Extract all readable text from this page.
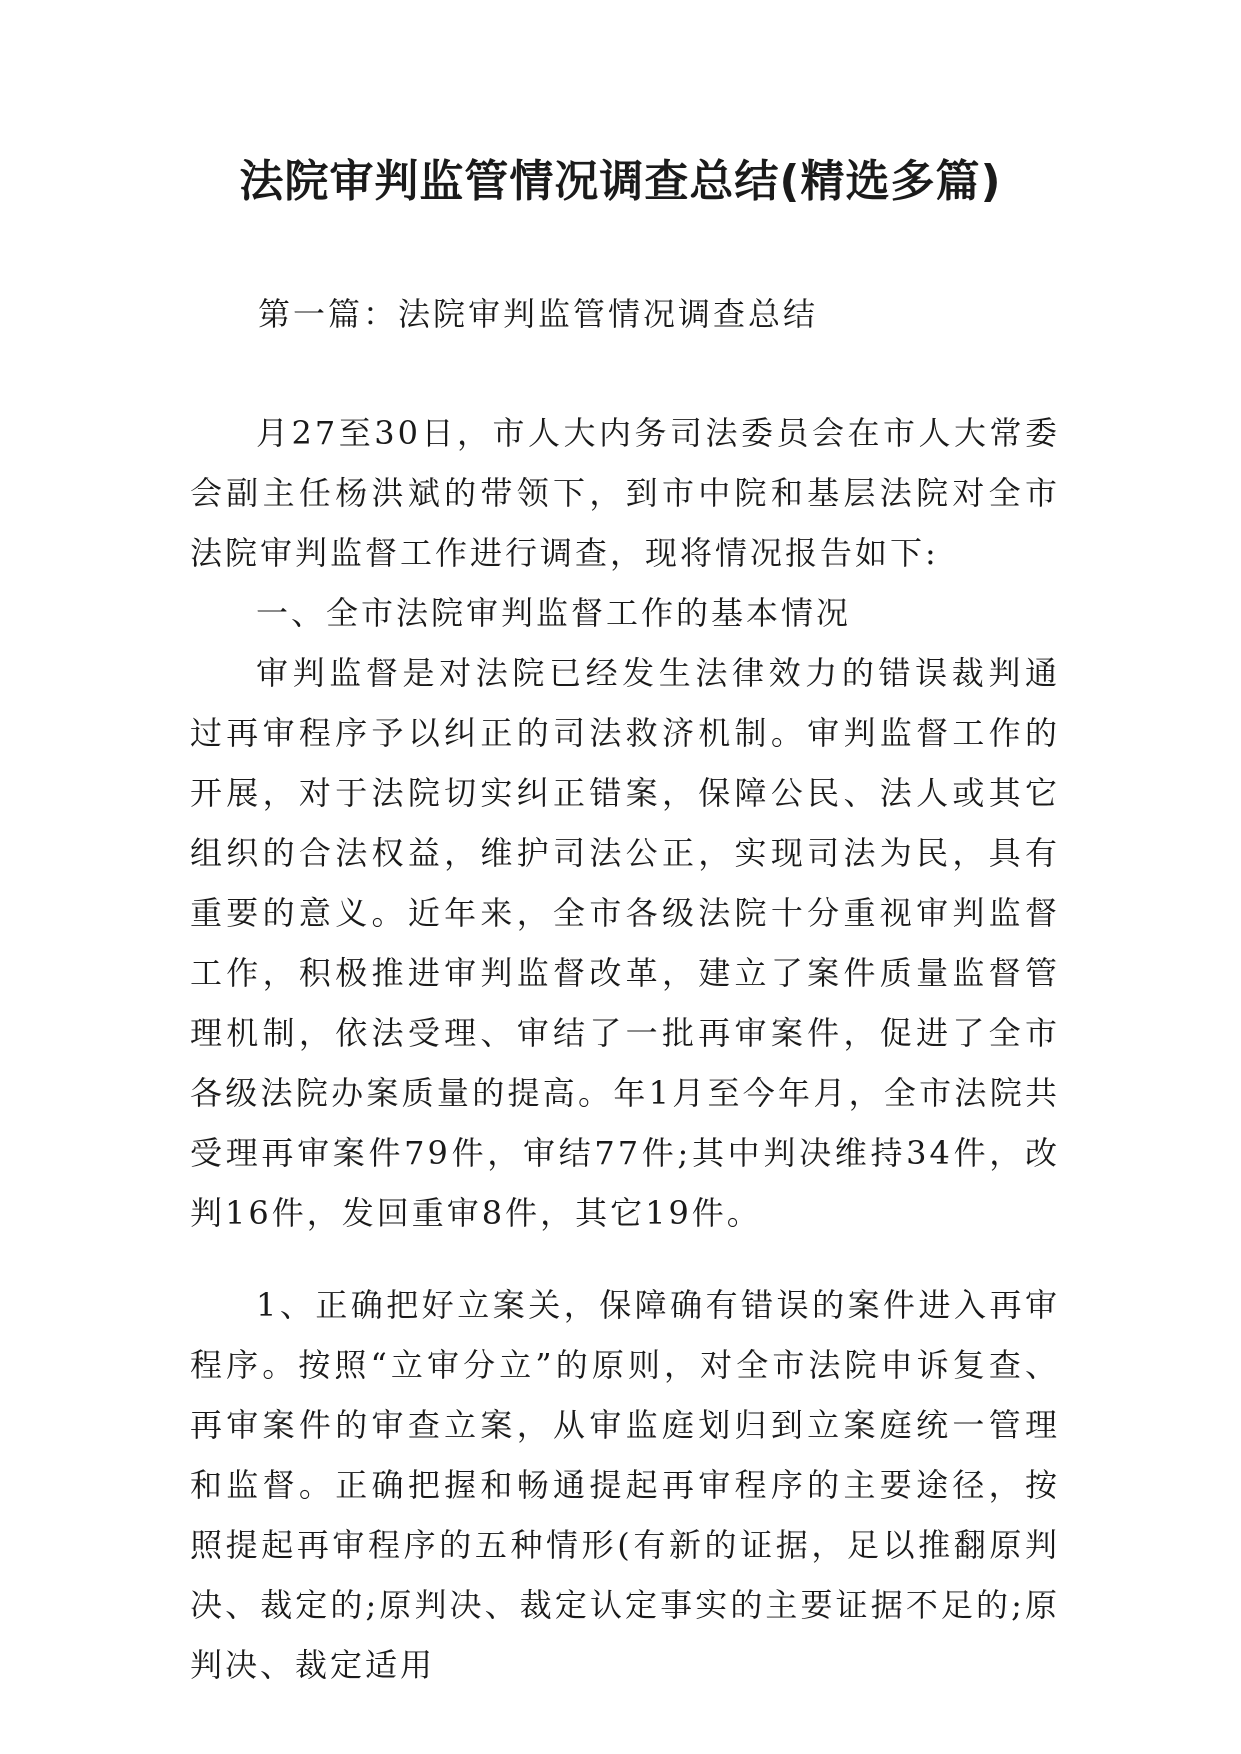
法院审判监管情况调查总结(精选多篇)

第一篇：法院审判监管情况调查总结

月27至30日，市人大内务司法委员会在市人大常委会副主任杨洪斌的带领下，到市中院和基层法院对全市法院审判监督工作进行调查，现将情况报告如下:

一、全市法院审判监督工作的基本情况

审判监督是对法院已经发生法律效力的错误裁判通过再审程序予以纠正的司法救济机制。审判监督工作的开展，对于法院切实纠正错案，保障公民、法人或其它组织的合法权益，维护司法公正，实现司法为民，具有重要的意义。近年来，全市各级法院十分重视审判监督工作，积极推进审判监督改革，建立了案件质量监督管理机制，依法受理、审结了一批再审案件，促进了全市各级法院办案质量的提高。年1月至今年月，全市法院共受理再审案件79件，审结77件;其中判决维持34件，改判16件，发回重审8件，其它19件。

1、正确把好立案关，保障确有错误的案件进入再审程序。按照“立审分立”的原则，对全市法院申诉复查、再审案件的审查立案，从审监庭划归到立案庭统一管理和监督。正确把握和畅通提起再审程序的主要途径，按照提起再审程序的五种情形(有新的证据，足以推翻原判决、裁定的;原判决、裁定认定事实的主要证据不足的;原判决、裁定适用
